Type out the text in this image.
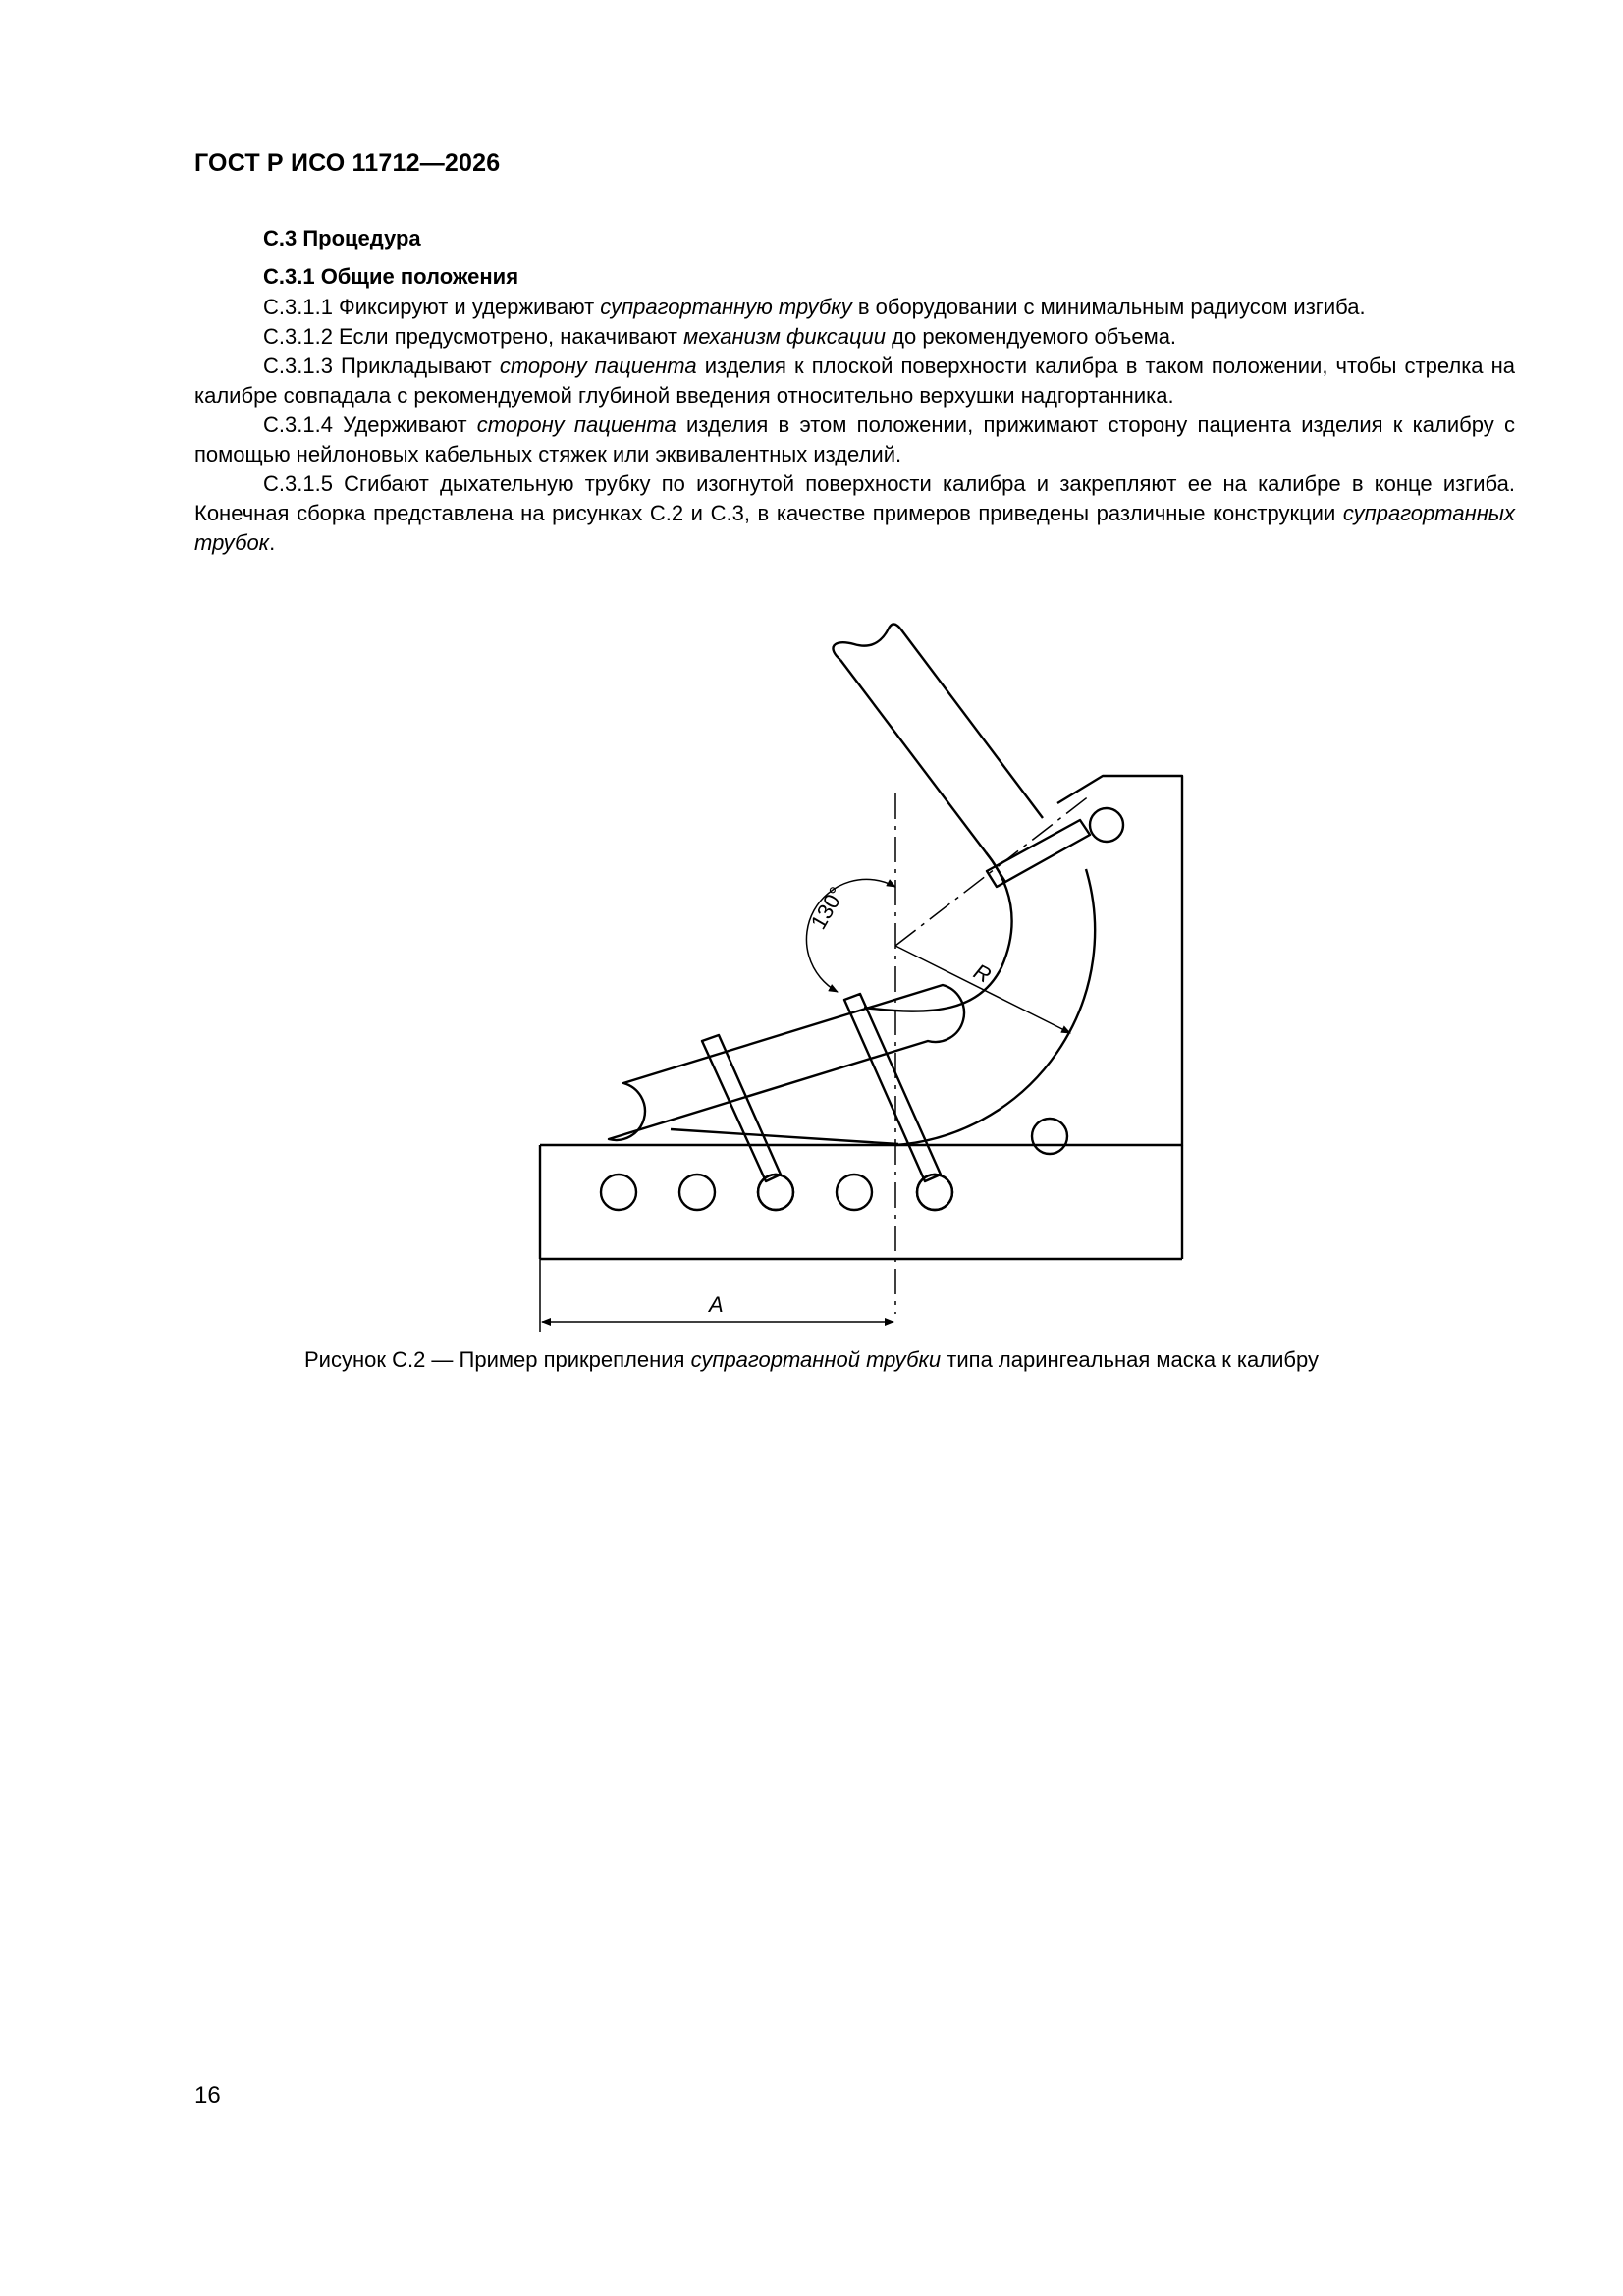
ГОСТ Р ИСО 11712—2026
С.3 Процедура
С.3.1 Общие положения

С.3.1.1 Фиксируют и удерживают супрагортанную трубку в оборудовании с минимальным радиусом изгиба.

С.3.1.2 Если предусмотрено, накачивают механизм фиксации до рекомендуемого объема.

С.3.1.3 Прикладывают сторону пациента изделия к плоской поверхности калибра в таком положении, чтобы стрелка на калибре совпадала с рекомендуемой глубиной введения относительно верхушки надгортанника.

С.3.1.4 Удерживают сторону пациента изделия в этом положении, прижимают сторону пациента изделия к калибру с помощью нейлоновых кабельных стяжек или эквивалентных изделий.

С.3.1.5 Сгибают дыхательную трубку по изогнутой поверхности калибра и закрепляют ее на калибре в конце изгиба. Конечная сборка представлена на рисунках С.2 и С.3, в качестве примеров приведены различные конструкции супрагортанных трубок.

130°
R
A
Рисунок С.2 — Пример прикрепления супрагортанной трубки типа ларингеальная маска к калибру
16
